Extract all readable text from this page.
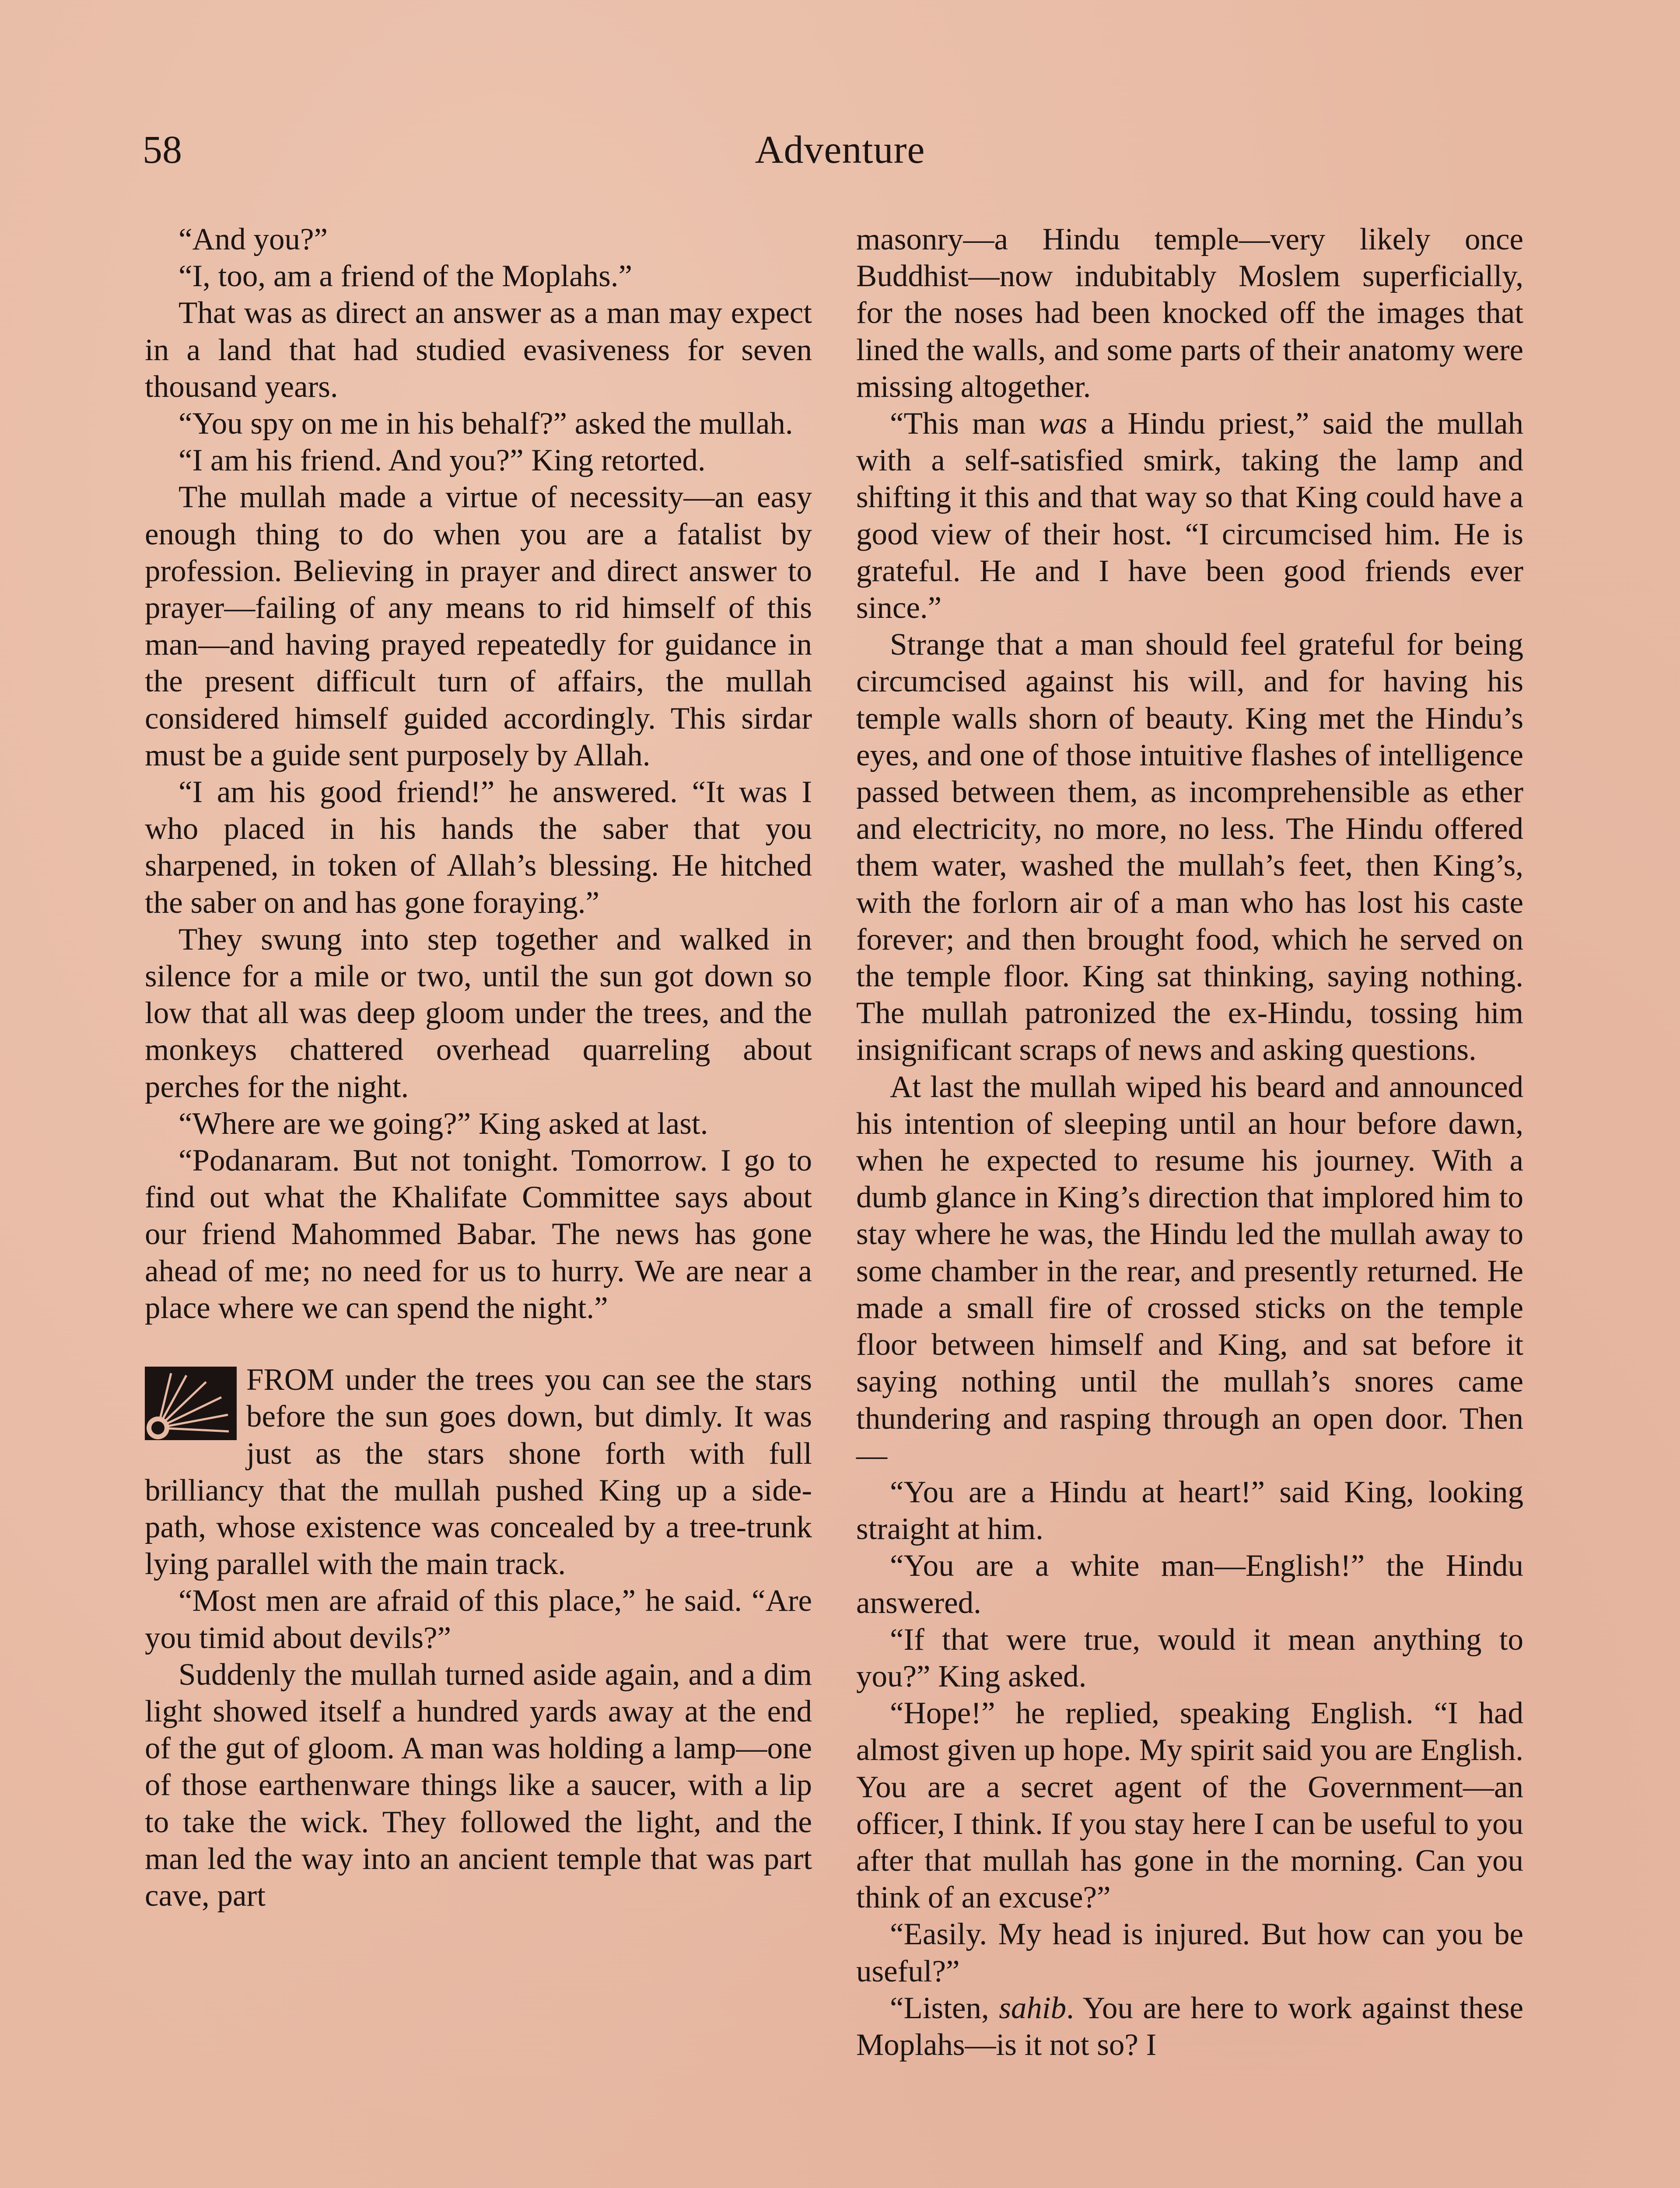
58	Adventure

“And you?”

“I, too, am a friend of the Moplahs.”

That was as direct an answer as a man may expect in a land that had studied evasiveness for seven thousand years.

“You spy on me in his behalf?” asked the mullah.

“I am his friend. And you?” King retorted.

The mullah made a virtue of necessity—an easy enough thing to do when you are a fatalist by profession. Believing in prayer and direct answer to prayer—failing of any means to rid himself of this man—and having prayed repeatedly for guidance in the present difficult turn of affairs, the mullah considered himself guided accordingly. This sirdar must be a guide sent purposely by Allah.

“I am his good friend!” he answered. “It was I who placed in his hands the saber that you sharpened, in token of Allah’s blessing. He hitched the saber on and has gone foraying.”

They swung into step together and walked in silence for a mile or two, until the sun got down so low that all was deep gloom under the trees, and the monkeys chattered overhead quarreling about perches for the night.

“Where are we going?” King asked at last.

“Podanaram. But not tonight. Tomorrow. I go to find out what the Khalifate Committee says about our friend Mahommed Babar. The news has gone ahead of me; no need for us to hurry. We are near a place where we can spend the night.”

FROM under the trees you can see the stars before the sun goes down, but dimly. It was just as the stars shone forth with full brilliancy that the mullah pushed King up a side-path, whose existence was concealed by a tree-trunk lying parallel with the main track.

“Most men are afraid of this place,” he said. “Are you timid about devils?”

Suddenly the mullah turned aside again, and a dim light showed itself a hundred yards away at the end of the gut of gloom. A man was holding a lamp—one of those earthenware things like a saucer, with a lip to take the wick. They followed the light, and the man led the way into an ancient temple that was part cave, part

masonry—a Hindu temple—very likely once Buddhist—now indubitably Moslem superficially, for the noses had been knocked off the images that lined the walls, and some parts of their anatomy were missing altogether.

“This man was a Hindu priest,” said the mullah with a self-satisfied smirk, taking the lamp and shifting it this and that way so that King could have a good view of their host. “I circumcised him. He is grateful. He and I have been good friends ever since.”

Strange that a man should feel grateful for being circumcised against his will, and for having his temple walls shorn of beauty. King met the Hindu’s eyes, and one of those intuitive flashes of intelligence passed between them, as incomprehensible as ether and electricity, no more, no less. The Hindu offered them water, washed the mullah’s feet, then King’s, with the forlorn air of a man who has lost his caste forever; and then brought food, which he served on the temple floor. King sat thinking, saying nothing. The mullah patronized the ex-Hindu, tossing him insignificant scraps of news and asking questions.

At last the mullah wiped his beard and announced his intention of sleeping until an hour before dawn, when he expected to resume his journey. With a dumb glance in King’s direction that implored him to stay where he was, the Hindu led the mullah away to some chamber in the rear, and presently returned. He made a small fire of crossed sticks on the temple floor between himself and King, and sat before it saying nothing until the mullah’s snores came thundering and rasping through an open door. Then—

“You are a Hindu at heart!” said King, looking straight at him.

“You are a white man—English!” the Hindu answered.

“If that were true, would it mean anything to you?” King asked.

“Hope!” he replied, speaking English. “I had almost given up hope. My spirit said you are English. You are a secret agent of the Government—an officer, I think. If you stay here I can be useful to you after that mullah has gone in the morning. Can you think of an excuse?”

“Easily. My head is injured. But how can you be useful?”

“Listen, sahib. You are here to work against these Moplahs—is it not so? I
